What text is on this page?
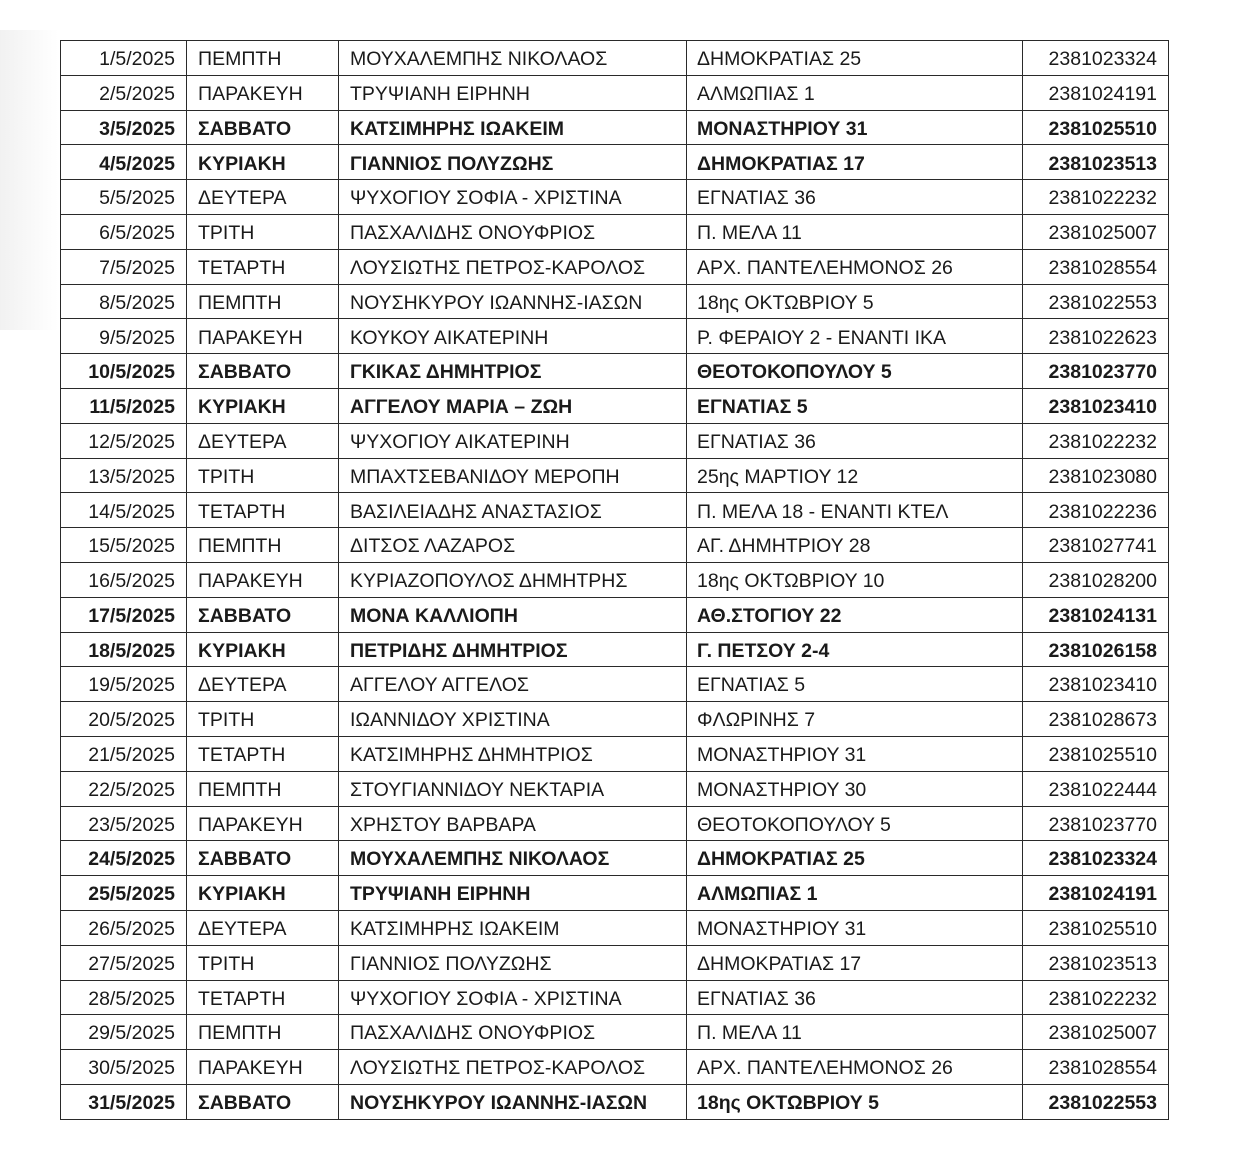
1/5/2025	ΠΕΜΠΤΗ	ΜΟΥΧΑΛΕΜΠΗΣ ΝΙΚΟΛΑΟΣ	ΔΗΜΟΚΡΑΤΙΑΣ 25	2381023324
2/5/2025	ΠΑΡΑΚΕΥΗ	ΤΡΥΨΙΑΝΗ ΕΙΡΗΝΗ	ΑΛΜΩΠΙΑΣ 1	2381024191
3/5/2025	ΣΑΒΒΑΤΟ	ΚΑΤΣΙΜΗΡΗΣ ΙΩΑΚΕΙΜ	ΜΟΝΑΣΤΗΡΙΟΥ 31	2381025510
4/5/2025	ΚΥΡΙΑΚΗ	ΓΙΑΝΝΙΟΣ ΠΟΛΥΖΩΗΣ	ΔΗΜΟΚΡΑΤΙΑΣ 17	2381023513
5/5/2025	ΔΕΥΤΕΡΑ	ΨΥΧΟΓΙΟΥ ΣΟΦΙΑ - ΧΡΙΣΤΙΝΑ	ΕΓΝΑΤΙΑΣ 36	2381022232
6/5/2025	ΤΡΙΤΗ	ΠΑΣΧΑΛΙΔΗΣ ΟΝΟΥΦΡΙΟΣ	Π. ΜΕΛΑ 11	2381025007
7/5/2025	ΤΕΤΑΡΤΗ	ΛΟΥΣΙΩΤΗΣ ΠΕΤΡΟΣ-ΚΑΡΟΛΟΣ	ΑΡΧ. ΠΑΝΤΕΛΕΗΜΟΝΟΣ 26	2381028554
8/5/2025	ΠΕΜΠΤΗ	ΝΟΥΣΗΚΥΡΟΥ ΙΩΑΝΝΗΣ-ΙΑΣΩΝ	18ης ΟΚΤΩΒΡΙΟΥ 5	2381022553
9/5/2025	ΠΑΡΑΚΕΥΗ	ΚΟΥΚΟΥ ΑΙΚΑΤΕΡΙΝΗ	Ρ. ΦΕΡΑΙΟΥ 2 - ΕΝΑΝΤΙ ΙΚΑ	2381022623
10/5/2025	ΣΑΒΒΑΤΟ	ΓΚΙΚΑΣ ΔΗΜΗΤΡΙΟΣ	ΘΕΟΤΟΚΟΠΟΥΛΟΥ 5	2381023770
11/5/2025	ΚΥΡΙΑΚΗ	ΑΓΓΕΛΟΥ ΜΑΡΙΑ – ΖΩΗ	ΕΓΝΑΤΙΑΣ 5	2381023410
12/5/2025	ΔΕΥΤΕΡΑ	ΨΥΧΟΓΙΟΥ ΑΙΚΑΤΕΡΙΝΗ	ΕΓΝΑΤΙΑΣ 36	2381022232
13/5/2025	ΤΡΙΤΗ	ΜΠΑΧΤΣΕΒΑΝΙΔΟΥ ΜΕΡΟΠΗ	25ης ΜΑΡΤΙΟΥ 12	2381023080
14/5/2025	ΤΕΤΑΡΤΗ	ΒΑΣΙΛΕΙΑΔΗΣ ΑΝΑΣΤΑΣΙΟΣ	Π. ΜΕΛΑ 18 - ΕΝΑΝΤΙ ΚΤΕΛ	2381022236
15/5/2025	ΠΕΜΠΤΗ	ΔΙΤΣΟΣ ΛΑΖΑΡΟΣ	ΑΓ. ΔΗΜΗΤΡΙΟΥ 28	2381027741
16/5/2025	ΠΑΡΑΚΕΥΗ	ΚΥΡΙΑΖΟΠΟΥΛΟΣ ΔΗΜΗΤΡΗΣ	18ης ΟΚΤΩΒΡΙΟΥ 10	2381028200
17/5/2025	ΣΑΒΒΑΤΟ	ΜΟΝΑ ΚΑΛΛΙΟΠΗ	ΑΘ.ΣΤΟΓΙΟΥ 22	2381024131
18/5/2025	ΚΥΡΙΑΚΗ	ΠΕΤΡΙΔΗΣ ΔΗΜΗΤΡΙΟΣ	Γ. ΠΕΤΣΟΥ 2-4	2381026158
19/5/2025	ΔΕΥΤΕΡΑ	ΑΓΓΕΛΟΥ ΑΓΓΕΛΟΣ	ΕΓΝΑΤΙΑΣ 5	2381023410
20/5/2025	ΤΡΙΤΗ	ΙΩΑΝΝΙΔΟΥ ΧΡΙΣΤΙΝΑ	ΦΛΩΡΙΝΗΣ 7	2381028673
21/5/2025	ΤΕΤΑΡΤΗ	ΚΑΤΣΙΜΗΡΗΣ ΔΗΜΗΤΡΙΟΣ	ΜΟΝΑΣΤΗΡΙΟΥ 31	2381025510
22/5/2025	ΠΕΜΠΤΗ	ΣΤΟΥΓΙΑΝΝΙΔΟΥ ΝΕΚΤΑΡΙΑ	ΜΟΝΑΣΤΗΡΙΟΥ 30	2381022444
23/5/2025	ΠΑΡΑΚΕΥΗ	ΧΡΗΣΤΟΥ ΒΑΡΒΑΡΑ	ΘΕΟΤΟΚΟΠΟΥΛΟΥ 5	2381023770
24/5/2025	ΣΑΒΒΑΤΟ	ΜΟΥΧΑΛΕΜΠΗΣ ΝΙΚΟΛΑΟΣ	ΔΗΜΟΚΡΑΤΙΑΣ 25	2381023324
25/5/2025	ΚΥΡΙΑΚΗ	ΤΡΥΨΙΑΝΗ ΕΙΡΗΝΗ	ΑΛΜΩΠΙΑΣ 1	2381024191
26/5/2025	ΔΕΥΤΕΡΑ	ΚΑΤΣΙΜΗΡΗΣ ΙΩΑΚΕΙΜ	ΜΟΝΑΣΤΗΡΙΟΥ 31	2381025510
27/5/2025	ΤΡΙΤΗ	ΓΙΑΝΝΙΟΣ ΠΟΛΥΖΩΗΣ	ΔΗΜΟΚΡΑΤΙΑΣ 17	2381023513
28/5/2025	ΤΕΤΑΡΤΗ	ΨΥΧΟΓΙΟΥ ΣΟΦΙΑ - ΧΡΙΣΤΙΝΑ	ΕΓΝΑΤΙΑΣ 36	2381022232
29/5/2025	ΠΕΜΠΤΗ	ΠΑΣΧΑΛΙΔΗΣ ΟΝΟΥΦΡΙΟΣ	Π. ΜΕΛΑ 11	2381025007
30/5/2025	ΠΑΡΑΚΕΥΗ	ΛΟΥΣΙΩΤΗΣ ΠΕΤΡΟΣ-ΚΑΡΟΛΟΣ	ΑΡΧ. ΠΑΝΤΕΛΕΗΜΟΝΟΣ 26	2381028554
31/5/2025	ΣΑΒΒΑΤΟ	ΝΟΥΣΗΚΥΡΟΥ ΙΩΑΝΝΗΣ-ΙΑΣΩΝ	18ης ΟΚΤΩΒΡΙΟΥ 5	2381022553
